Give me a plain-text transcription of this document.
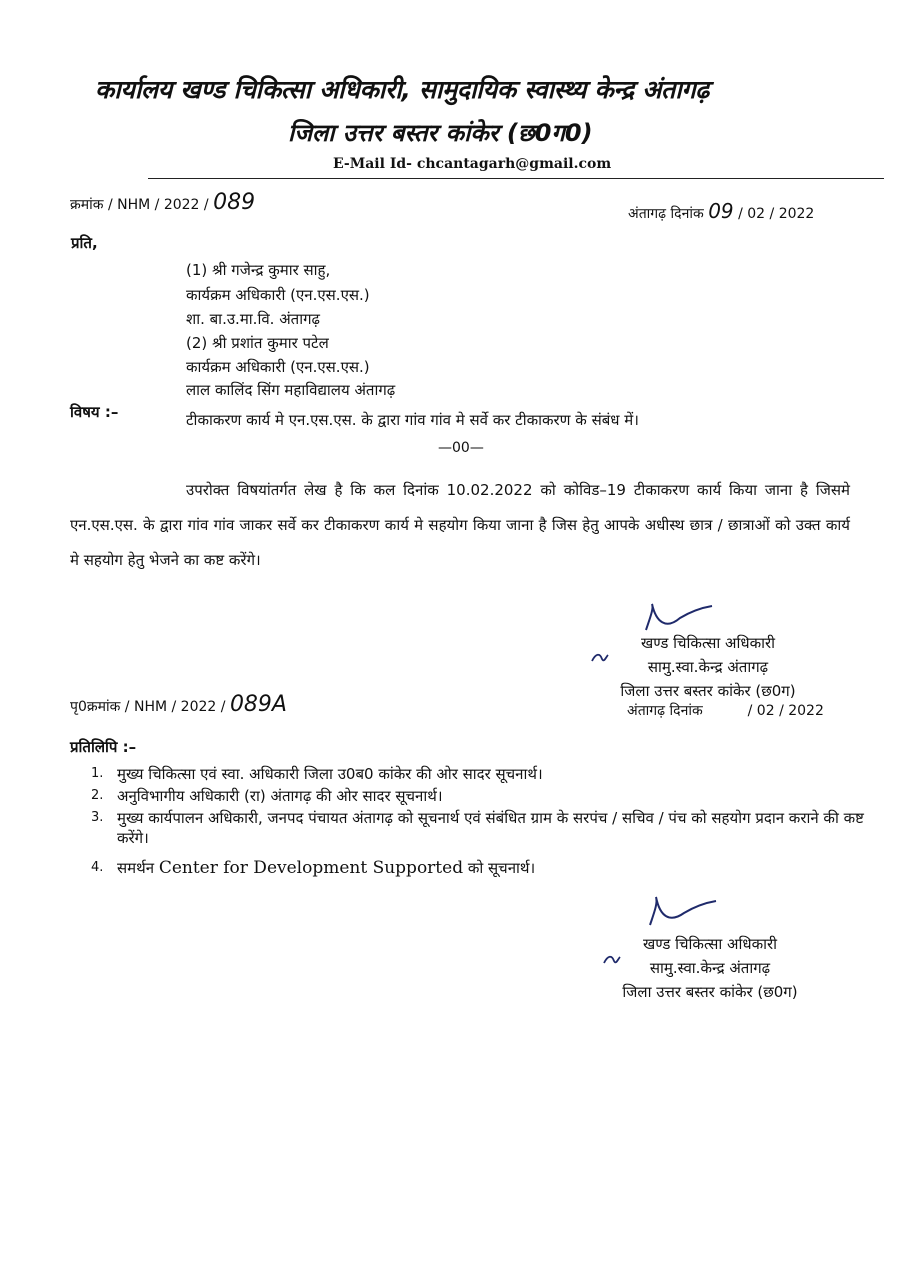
कार्यालय खण्ड चिकित्सा अधिकारी, सामुदायिक स्वास्थ्य केन्द्र अंतागढ़
जिला उत्तर बस्तर कांकेर (छ0ग0)
E-Mail Id- chcantagarh@gmail.com
क्रमांक / NHM / 2022 / 089	अंतागढ़ दिनांक 09 / 02 / 2022
प्रति,
(1) श्री गजेन्द्र कुमार साहु,
कार्यक्रम अधिकारी (एन.एस.एस.)
शा. बा.उ.मा.वि. अंतागढ़
(2) श्री प्रशांत कुमार पटेल
कार्यक्रम अधिकारी (एन.एस.एस.)
लाल कालिंद सिंग महाविद्यालय अंतागढ़
विषय :–	टीकाकरण कार्य मे एन.एस.एस. के द्वारा गांव गांव मे सर्वे कर टीकाकरण के संबंध में।
—00—
उपरोक्त विषयांतर्गत लेख है कि कल दिनांक 10.02.2022 को कोविड–19 टीकाकरण कार्य किया जाना है जिसमे एन.एस.एस. के द्वारा गांव गांव जाकर सर्वे कर टीकाकरण कार्य मे सहयोग किया जाना है जिस हेतु आपके अधीस्थ छात्र / छात्राओं को उक्त कार्य मे सहयोग हेतु भेजने का कष्ट करेंगे।
खण्ड चिकित्सा अधिकारी
सामु.स्वा.केन्द्र अंतागढ़
जिला उत्तर बस्तर कांकेर (छ0ग)
पृ0क्रमांक / NHM / 2022 / 089A	अंतागढ़ दिनांक	/ 02 / 2022
प्रतिलिपि :–
1. मुख्य चिकित्सा एवं स्वा. अधिकारी जिला उ0ब0 कांकेर की ओर सादर सूचनार्थ।
2. अनुविभागीय अधिकारी (रा) अंतागढ़ की ओर सादर सूचनार्थ।
3. मुख्य कार्यपालन अधिकारी, जनपद पंचायत अंतागढ़ को सूचनार्थ एवं संबंधित ग्राम के सरपंच / सचिव / पंच को सहयोग प्रदान कराने की कष्ट करेंगे।
4. समर्थन Center for Development Supported को सूचनार्थ।
खण्ड चिकित्सा अधिकारी
सामु.स्वा.केन्द्र अंतागढ़
जिला उत्तर बस्तर कांकेर (छ0ग)
